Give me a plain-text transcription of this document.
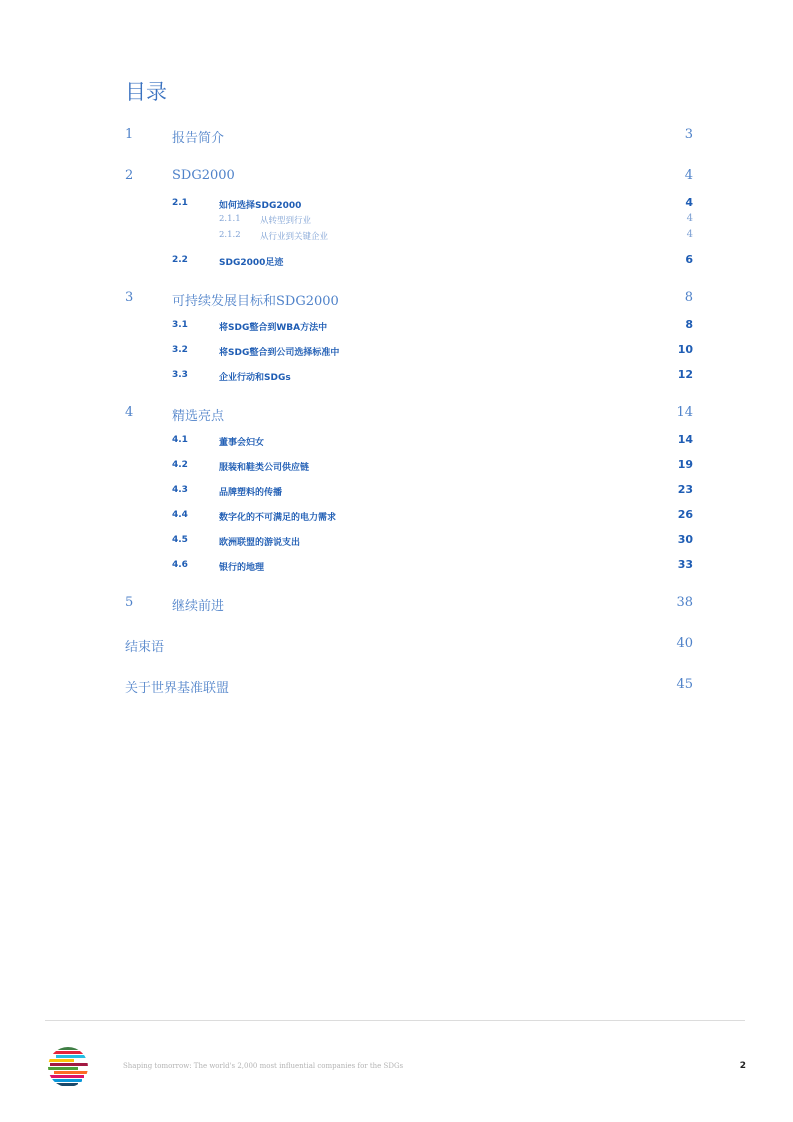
目录
1	报告简介	3
2	SDG2000	4
2.1	如何选择SDG2000	4
2.1.1 从转型到行业	4
2.1.2 从行业到关键企业	4
2.2	SDG2000足迹	6
3	可持续发展目标和SDG2000	8
3.1	将SDG整合到WBA方法中	8
3.2	将SDG整合到公司选择标准中	10
3.3	企业行动和SDGs	12
4	精选亮点	14
4.1	董事会妇女	14
4.2	服装和鞋类公司供应链	19
4.3	品牌塑料的传播	23
4.4	数字化的不可满足的电力需求	26
4.5	欧洲联盟的游说支出	30
4.6	银行的地理	33
5	继续前进	38
结束语	40
关于世界基准联盟	45
Shaping tomorrow: The world's 2,000 most influential companies for the SDGs	2
